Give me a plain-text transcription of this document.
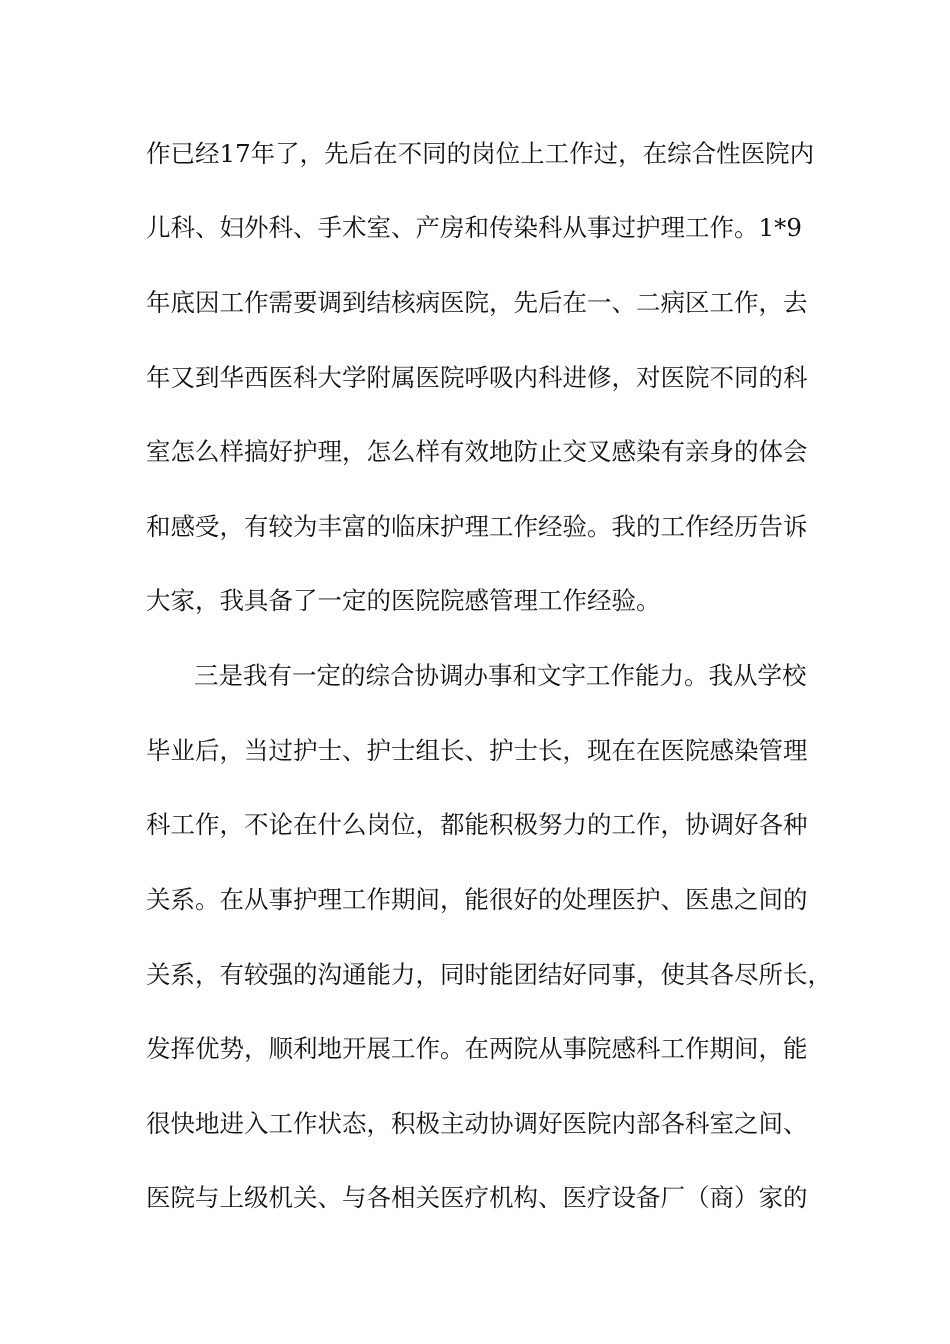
作已经17年了，先后在不同的岗位上工作过，在综合性医院内
儿科、妇外科、手术室、产房和传染科从事过护理工作。1*9
年底因工作需要调到结核病医院，先后在一、二病区工作，去
年又到华西医科大学附属医院呼吸内科进修，对医院不同的科
室怎么样搞好护理，怎么样有效地防止交叉感染有亲身的体会
和感受，有较为丰富的临床护理工作经验。我的工作经历告诉
大家，我具备了一定的医院院感管理工作经验。
三是我有一定的综合协调办事和文字工作能力。我从学校
毕业后，当过护士、护士组长、护士长，现在在医院感染管理
科工作，不论在什么岗位，都能积极努力的工作，协调好各种
关系。在从事护理工作期间，能很好的处理医护、医患之间的
关系，有较强的沟通能力，同时能团结好同事，使其各尽所长，
发挥优势，顺利地开展工作。在两院从事院感科工作期间，能
很快地进入工作状态，积极主动协调好医院内部各科室之间、
医院与上级机关、与各相关医疗机构、医疗设备厂（商）家的
